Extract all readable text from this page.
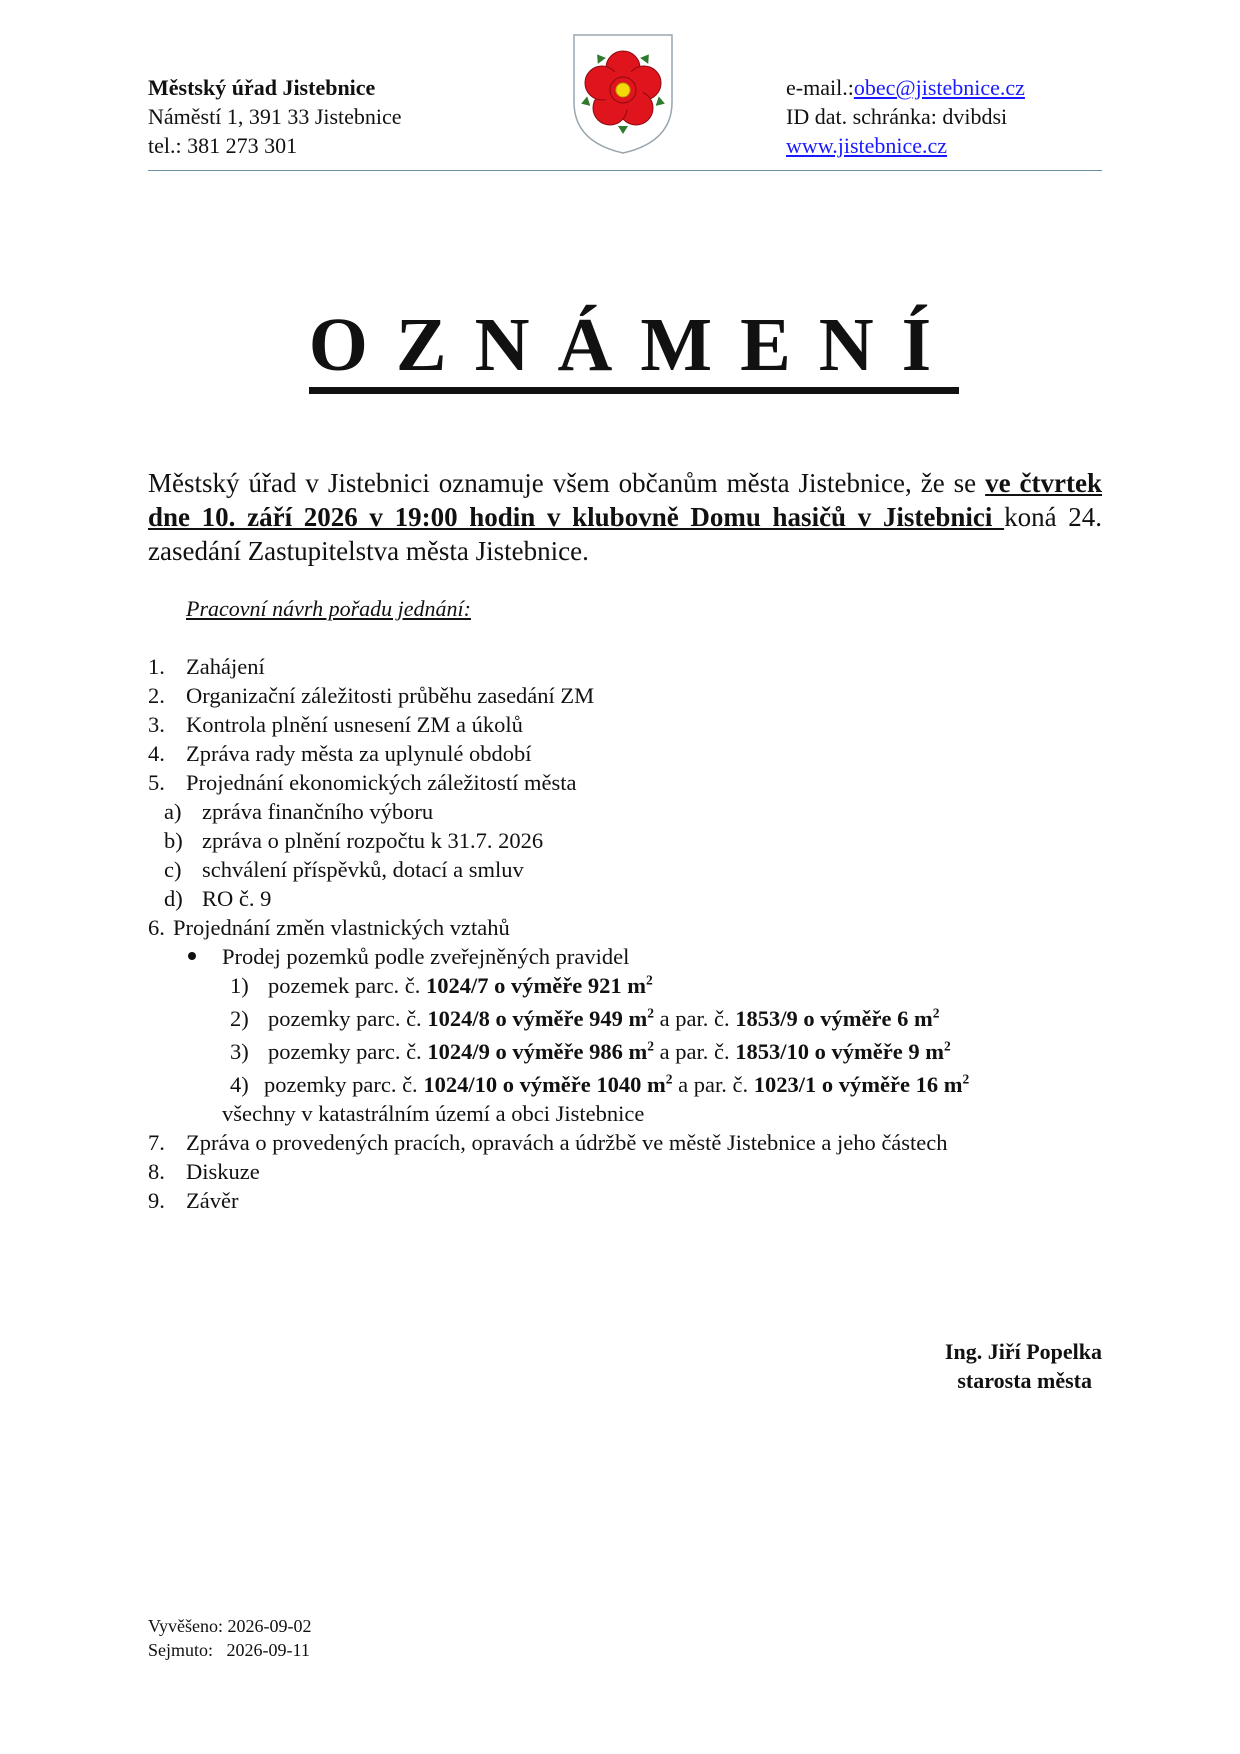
Městský úřad Jistebnice
Náměstí 1, 391 33 Jistebnice
tel.: 381 273 301
e-mail.:obec@jistebnice.cz
ID dat. schránka: dvibdsi
www.jistebnice.cz
OZNÁMENÍ
Městský úřad v Jistebnici oznamuje všem občanům města Jistebnice, že se ve čtvrtek dne 10. září 2026 v 19:00 hodin v klubovně Domu hasičů v Jistebnici koná 24. zasedání Zastupitelstva města Jistebnice.
Pracovní návrh pořadu jednání:
1. Zahájení
2. Organizační záležitosti průběhu zasedání ZM
3. Kontrola plnění usnesení ZM a úkolů
4. Zpráva rady města za uplynulé období
5. Projednání ekonomických záležitostí města
a) zpráva finančního výboru
b) zpráva o plnění rozpočtu k 31.7. 2026
c) schválení příspěvků, dotací a smluv
d) RO č. 9
6. Projednání změn vlastnických vztahů
Prodej pozemků podle zveřejněných pravidel
1) pozemek parc. č. 1024/7 o výměře 921 $m^2$
2) pozemky parc. č. 1024/8 o výměře 949 $m^2$ a par. č. 1853/9 o výměře 6 $m^2$
3) pozemky parc. č. 1024/9 o výměře 986 $m^2$ a par. č. 1853/10 o výměře 9 $m^2$
4) pozemky parc. č. 1024/10 o výměře 1040 $m^2$ a par. č. 1023/1 o výměře 16 $m^2$
všechny v katastrálním území a obci Jistebnice
7. Zpráva o provedených pracích, opravách a údržbě ve městě Jistebnice a jeho částech
8. Diskuze
9. Závěr
Ing. Jiří Popelka
starosta města
Vyvěšeno: 2026-09-02
Sejmuto: 2026-09-11
